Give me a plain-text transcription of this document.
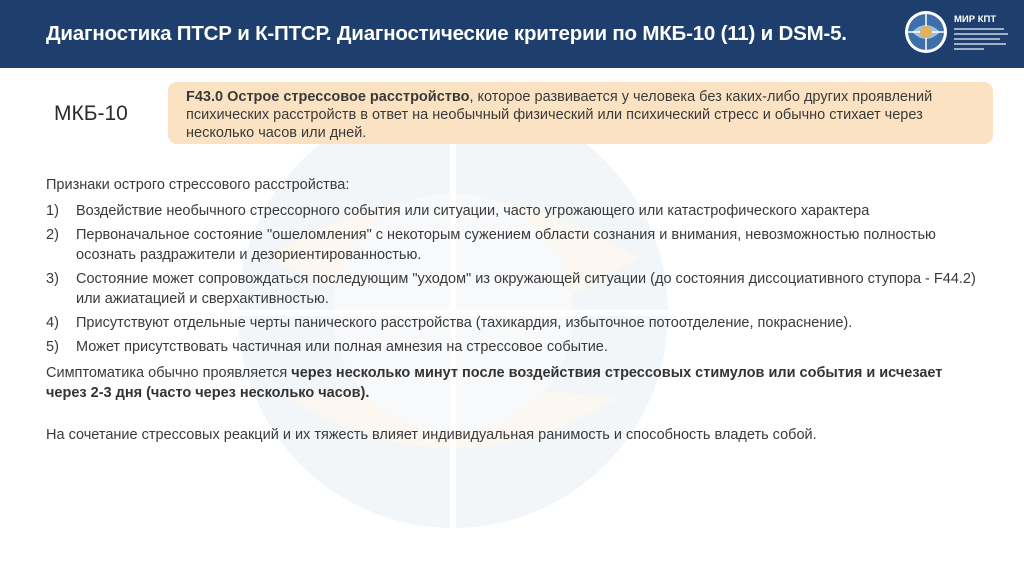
Диагностика ПТСР и К-ПТСР. Диагностические критерии по МКБ-10 (11) и DSM-5.
МИР КПТ
МКБ-10
F43.0 Острое стрессовое расстройство, которое развивается у человека без каких-либо других проявлений психических расстройств в ответ на необычный физический или психический стресс и обычно стихает через несколько часов или дней.
Признаки острого стрессового расстройства:
1) Воздействие необычного стрессорного события или ситуации, часто угрожающего или катастрофического характера
2) Первоначальное состояние "ошеломления" с некоторым сужением области сознания и внимания, невозможностью полностью осознать раздражители и дезориентированностью.
3) Состояние может сопровождаться последующим "уходом" из окружающей ситуации (до состояния диссоциативного ступора - F44.2) или ажиатацией и сверхактивностью.
4) Присутствуют отдельные черты панического расстройства (тахикардия, избыточное потоотделение, покраснение).
5) Может присутствовать частичная или полная амнезия на стрессовое событие.
Симптоматика обычно проявляется через несколько минут после воздействия стрессовых стимулов или события и исчезает через 2-3 дня (часто через несколько часов).
На сочетание стрессовых реакций и их тяжесть влияет индивидуальная ранимость и способность владеть собой.
